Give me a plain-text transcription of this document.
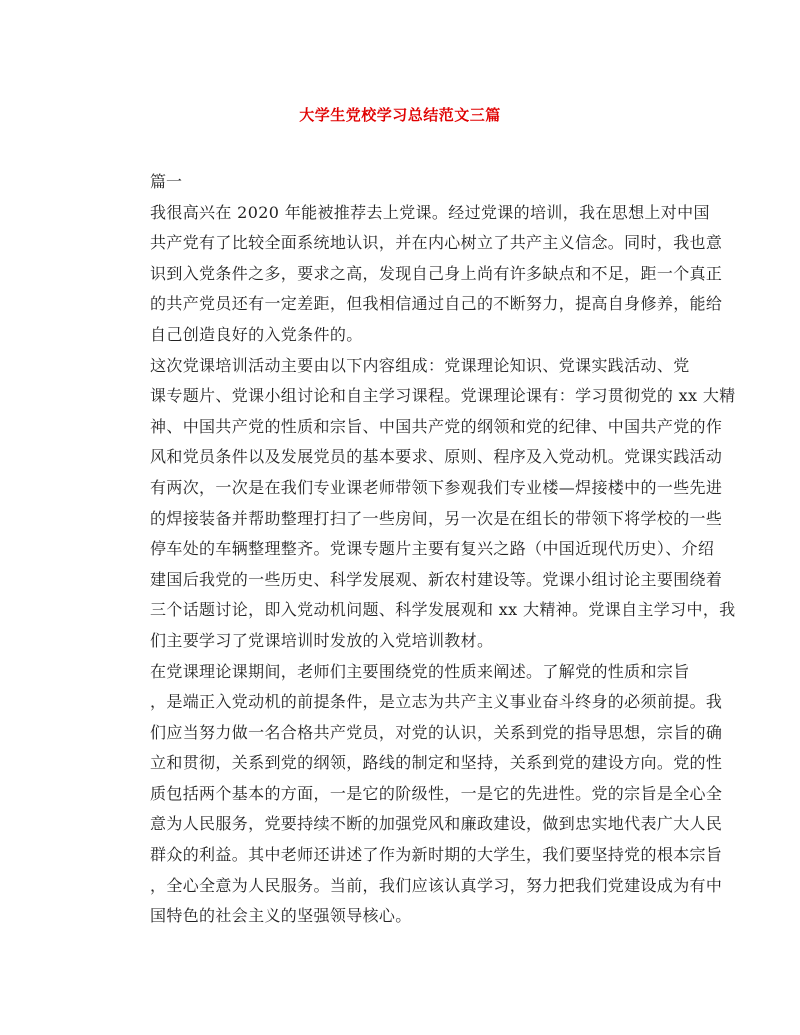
大学生党校学习总结范文三篇

篇一

我很高兴在 2020 年能被推荐去上党课。经过党课的培训，我在思想上对中国
共产党有了比较全面系统地认识，并在内心树立了共产主义信念。同时，我也意
识到入党条件之多，要求之高，发现自己身上尚有许多缺点和不足，距一个真正
的共产党员还有一定差距，但我相信通过自己的不断努力，提高自身修养，能给
自己创造良好的入党条件的。
这次党课培训活动主要由以下内容组成：党课理论知识、党课实践活动、党
课专题片、党课小组讨论和自主学习课程。党课理论课有：学习贯彻党的 xx 大精
神、中国共产党的性质和宗旨、中国共产党的纲领和党的纪律、中国共产党的作
风和党员条件以及发展党员的基本要求、原则、程序及入党动机。党课实践活动
有两次，一次是在我们专业课老师带领下参观我们专业楼—焊接楼中的一些先进
的焊接装备并帮助整理打扫了一些房间，另一次是在组长的带领下将学校的一些
停车处的车辆整理整齐。党课专题片主要有复兴之路（中国近现代历史）、介绍
建国后我党的一些历史、科学发展观、新农村建设等。党课小组讨论主要围绕着
三个话题讨论，即入党动机问题、科学发展观和 xx 大精神。党课自主学习中，我
们主要学习了党课培训时发放的入党培训教材。
在党课理论课期间，老师们主要围绕党的性质来阐述。了解党的性质和宗旨
，是端正入党动机的前提条件，是立志为共产主义事业奋斗终身的必须前提。我
们应当努力做一名合格共产党员，对党的认识，关系到党的指导思想，宗旨的确
立和贯彻，关系到党的纲领，路线的制定和坚持，关系到党的建设方向。党的性
质包括两个基本的方面，一是它的阶级性，一是它的先进性。党的宗旨是全心全
意为人民服务，党要持续不断的加强党风和廉政建设，做到忠实地代表广大人民
群众的利益。其中老师还讲述了作为新时期的大学生，我们要坚持党的根本宗旨
，全心全意为人民服务。当前，我们应该认真学习，努力把我们党建设成为有中
国特色的社会主义的坚强领导核心。
